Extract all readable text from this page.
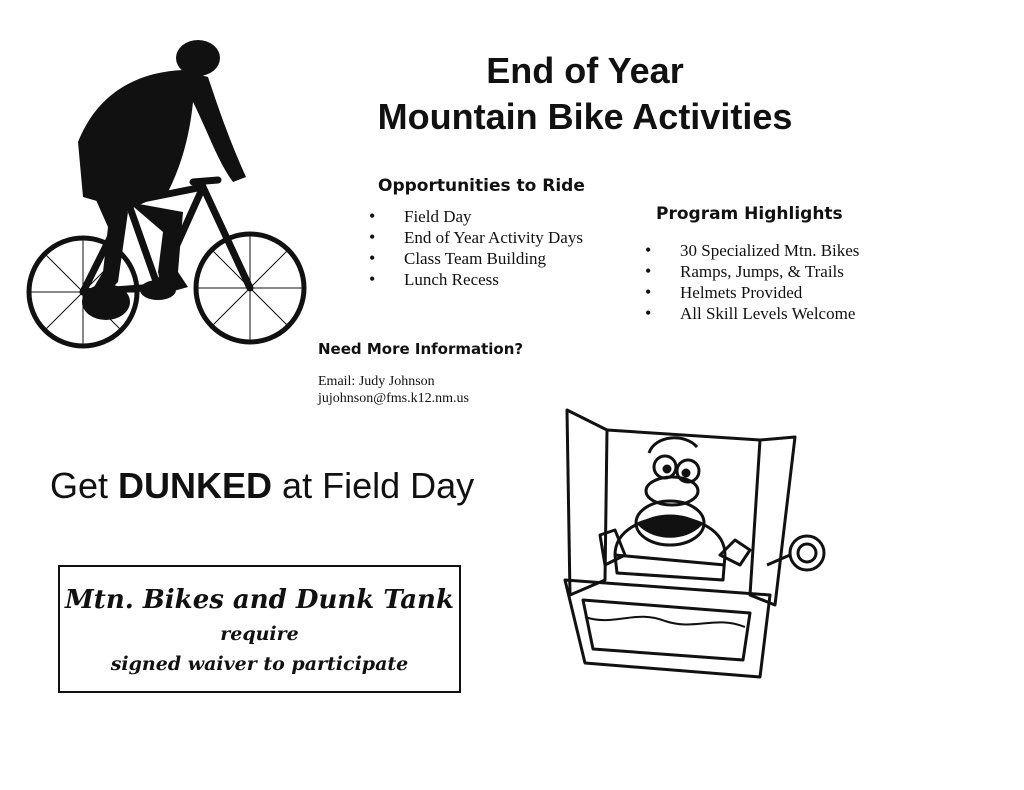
End of Year
Mountain Bike Activities
Opportunities to Ride
• Field Day
• End of Year Activity Days
• Class Team Building
• Lunch Recess
Program Highlights
• 30 Specialized Mtn. Bikes
• Ramps, Jumps, & Trails
• Helmets Provided
• All Skill Levels Welcome
Need More Information?
Email: Judy Johnson
jujohnson@fms.k12.nm.us
Get DUNKED at Field Day
Mtn. Bikes and Dunk Tank
require
signed waiver to participate
